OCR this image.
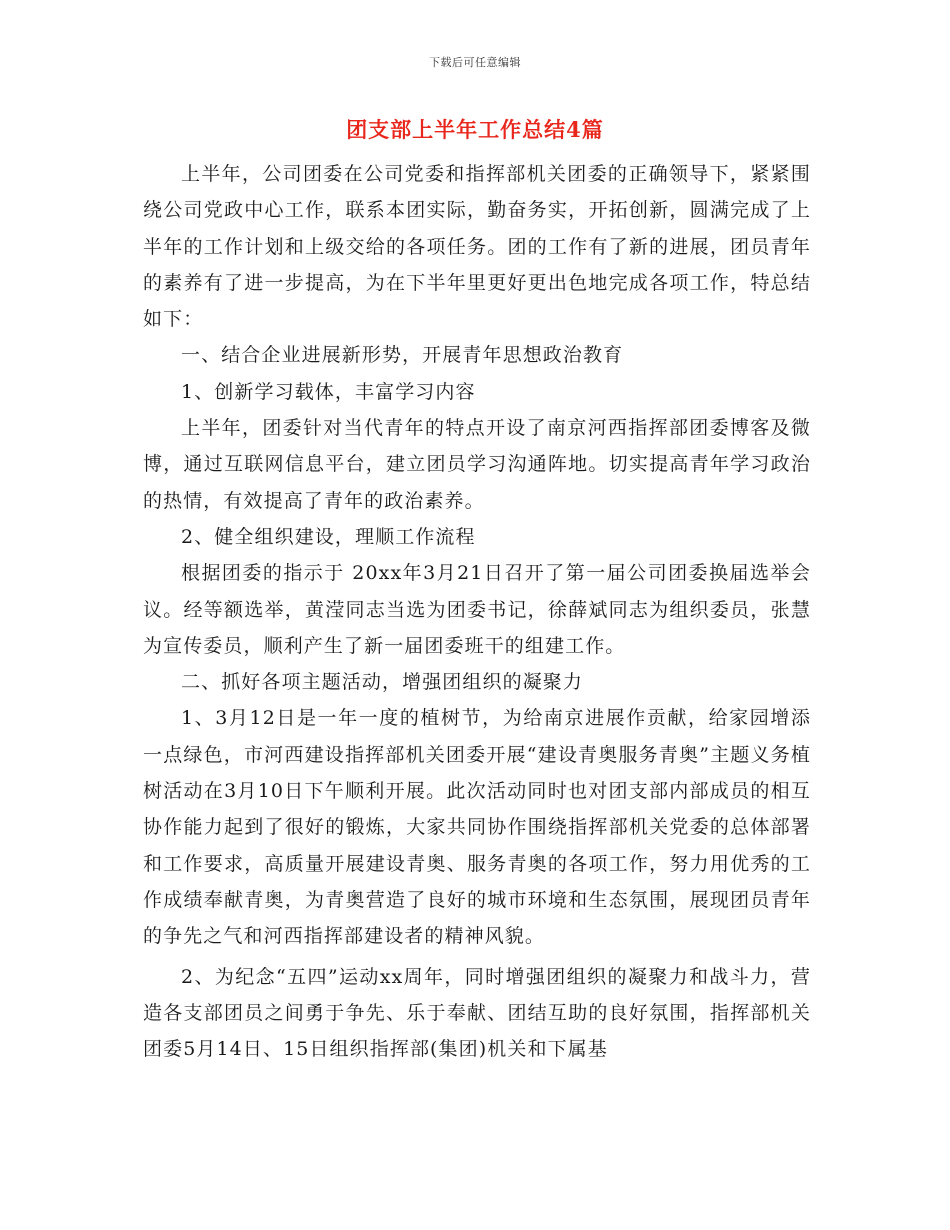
下载后可任意编辑
团支部上半年工作总结4篇

上半年，公司团委在公司党委和指挥部机关团委的正确领导下，紧紧围绕公司党政中心工作，联系本团实际，勤奋务实，开拓创新，圆满完成了上半年的工作计划和上级交给的各项任务。团的工作有了新的进展，团员青年的素养有了进一步提高，为在下半年里更好更出色地完成各项工作，特总结如下：

一、结合企业进展新形势，开展青年思想政治教育

1、创新学习载体，丰富学习内容

上半年，团委针对当代青年的特点开设了南京河西指挥部团委博客及微博，通过互联网信息平台，建立团员学习沟通阵地。切实提高青年学习政治的热情，有效提高了青年的政治素养。

2、健全组织建设，理顺工作流程

根据团委的指示于 20xx年3月21日召开了第一届公司团委换届选举会议。经等额选举，黄滢同志当选为团委书记，徐薛斌同志为组织委员，张慧为宣传委员，顺利产生了新一届团委班干的组建工作。

二、抓好各项主题活动，增强团组织的凝聚力

1、3月12日是一年一度的植树节，为给南京进展作贡献，给家园增添一点绿色，市河西建设指挥部机关团委开展“建设青奥服务青奥”主题义务植树活动在3月10日下午顺利开展。此次活动同时也对团支部内部成员的相互协作能力起到了很好的锻炼，大家共同协作围绕指挥部机关党委的总体部署和工作要求，高质量开展建设青奥、服务青奥的各项工作，努力用优秀的工作成绩奉献青奥，为青奥营造了良好的城市环境和生态氛围，展现团员青年的争先之气和河西指挥部建设者的精神风貌。

2、为纪念“五四”运动xx周年，同时增强团组织的凝聚力和战斗力，营造各支部团员之间勇于争先、乐于奉献、团结互助的良好氛围，指挥部机关团委5月14日、15日组织指挥部(集团)机关和下属基
